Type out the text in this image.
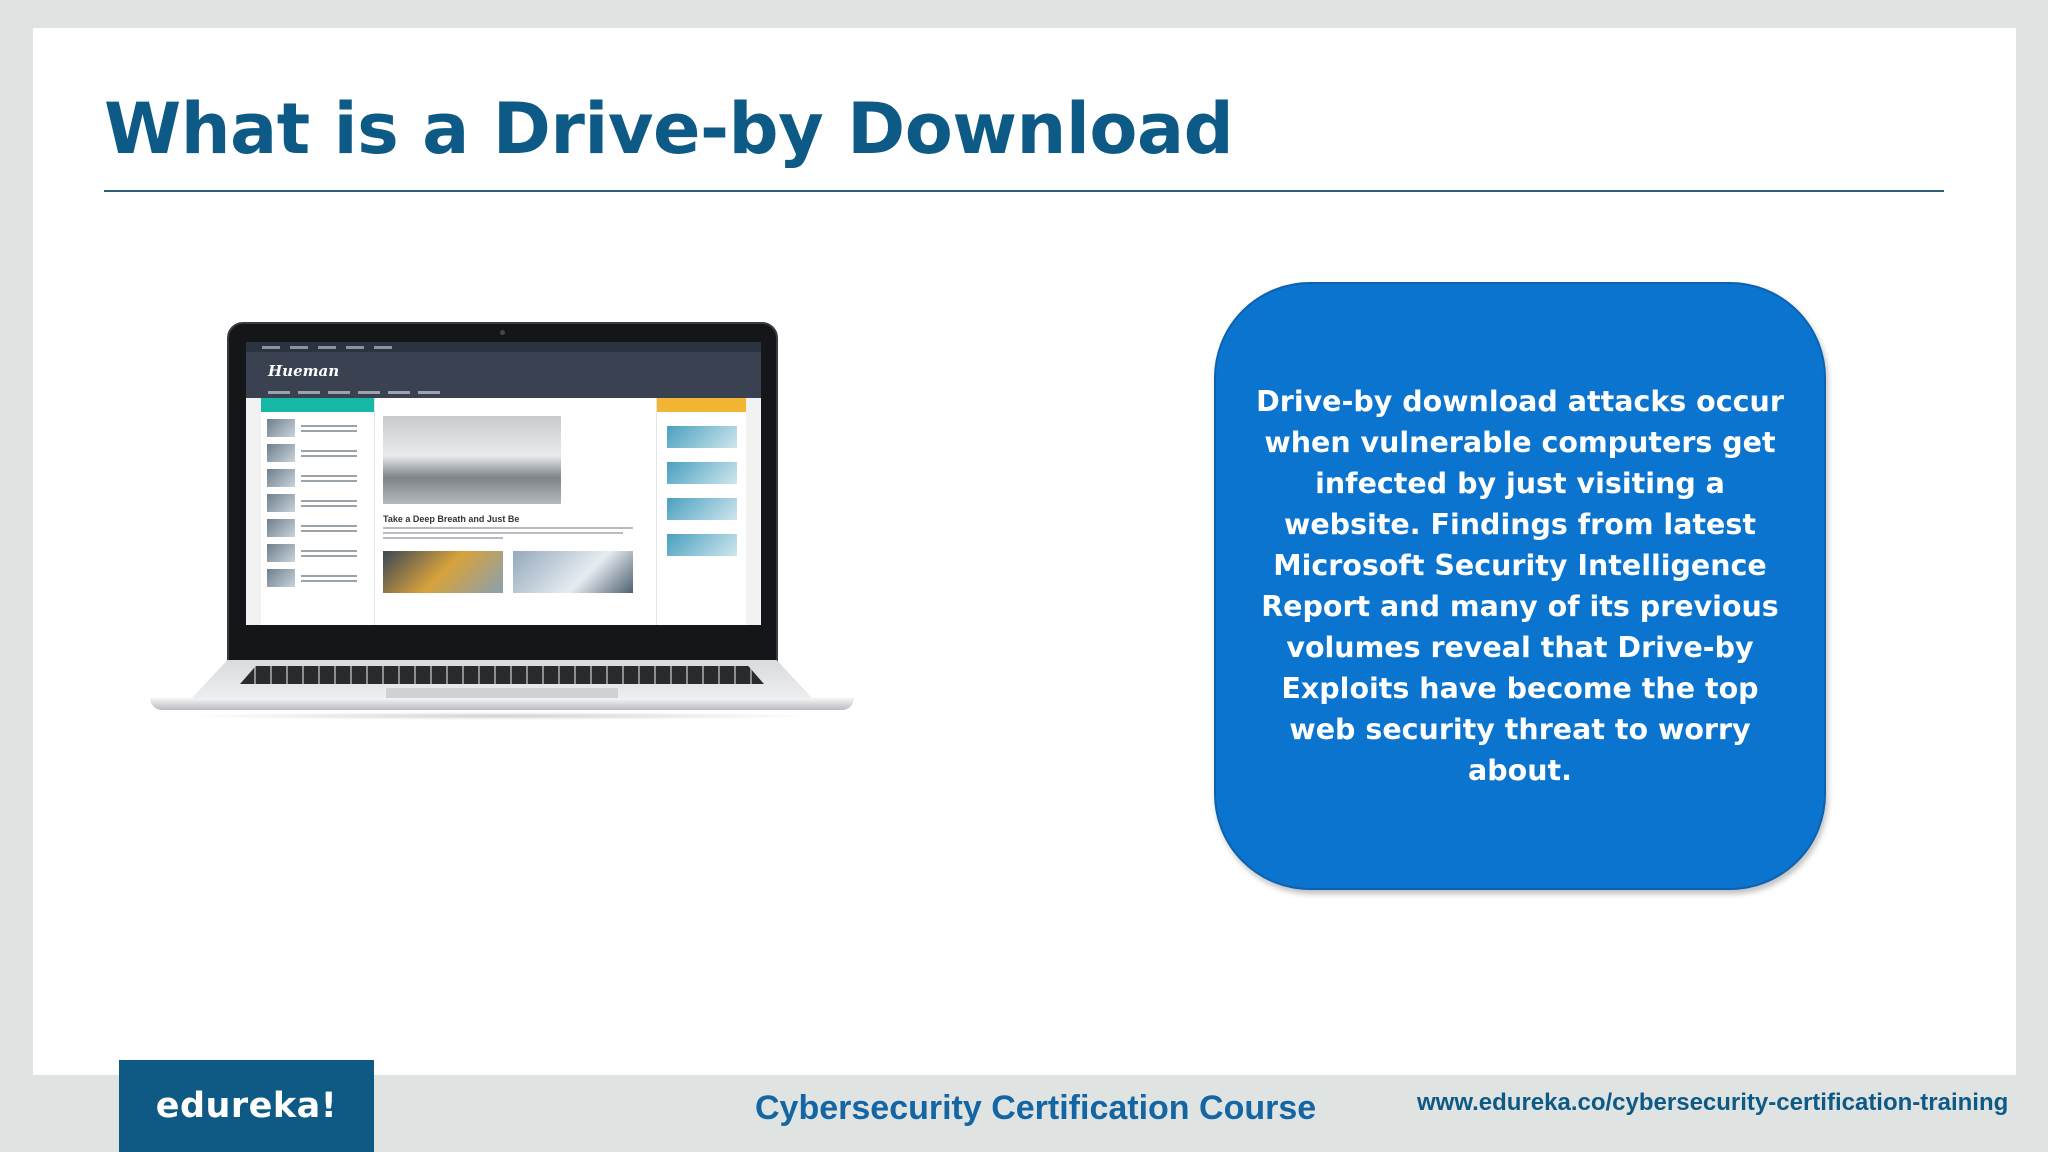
What is a Drive-by Download
Hueman
Take a Deep Breath and Just Be

Drive-by download attacks occur when vulnerable computers get infected by just visiting a website. Findings from latest Microsoft Security Intelligence Report and many of its previous volumes reveal that Drive-by Exploits have become the top web security threat to worry about.

edureka!	Cybersecurity Certification Course	www.edureka.co/cybersecurity-certification-training
